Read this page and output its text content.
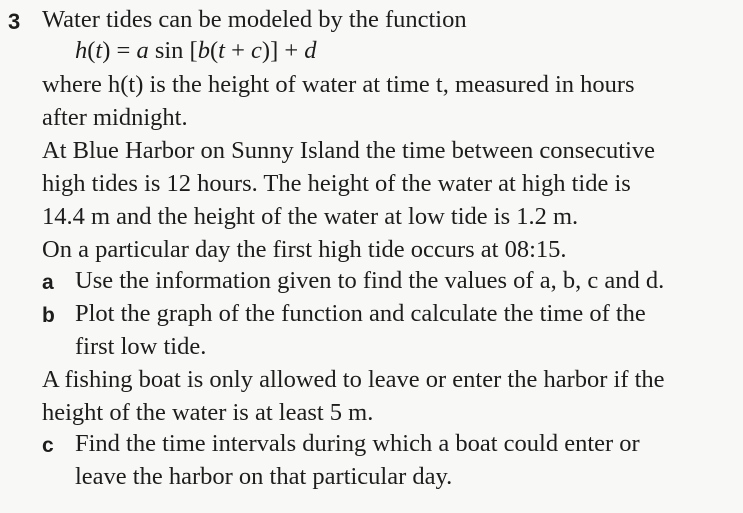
3 Water tides can be modeled by the function
h(t) = a sin [b(t + c)] + d
where h(t) is the height of water at time t, measured in hours
after midnight.
At Blue Harbor on Sunny Island the time between consecutive
high tides is 12 hours. The height of the water at high tide is
14.4 m and the height of the water at low tide is 1.2 m.
On a particular day the first high tide occurs at 08:15.
a Use the information given to find the values of a, b, c and d.
b Plot the graph of the function and calculate the time of the
first low tide.
A fishing boat is only allowed to leave or enter the harbor if the
height of the water is at least 5 m.
c Find the time intervals during which a boat could enter or
leave the harbor on that particular day.
